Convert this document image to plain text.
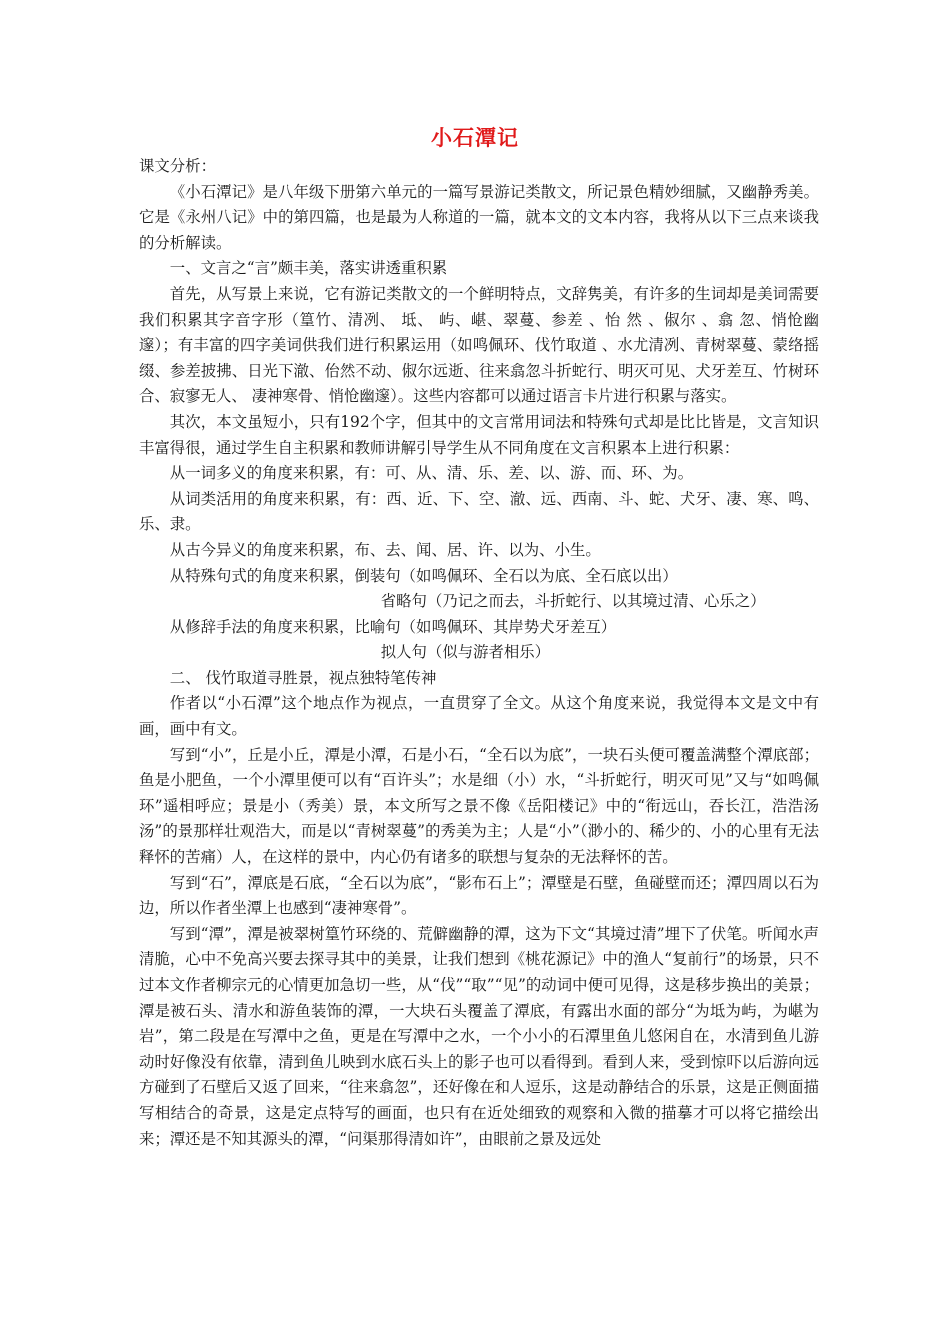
小石潭记

课文分析：

《小石潭记》是八年级下册第六单元的一篇写景游记类散文，所记景色精妙细腻，又幽静秀美。它是《永州八记》中的第四篇，也是最为人称道的一篇，就本文的文本内容，我将从以下三点来谈我的分析解读。

一、文言之“言”颇丰美，落实讲透重积累

首先，从写景上来说，它有游记类散文的一个鲜明特点，文辞隽美，有许多的生词却是美词需要我们积累其字音字形（篁竹、清冽、 坻、 屿、嵁、翠蔓、参差 、怡 然 、俶尔 、翕 忽、悄怆幽邃）；有丰富的四字美词供我们进行积累运用（如鸣佩环、伐竹取道 、水尤清冽、青树翠蔓、蒙络摇缀、参差披拂、日光下澈、佁然不动、俶尔远逝、往来翕忽斗折蛇行、明灭可见、犬牙差互、竹树环合、寂寥无人、 凄神寒骨、悄怆幽邃）。这些内容都可以通过语言卡片进行积累与落实。

其次，本文虽短小，只有192个字，但其中的文言常用词法和特殊句式却是比比皆是，文言知识丰富得很，通过学生自主积累和教师讲解引导学生从不同角度在文言积累本上进行积累：

从一词多义的角度来积累，有：可、从、清、乐、差、以、游、而、环、为。

从词类活用的角度来积累，有：西、近、下、空、澈、远、西南、斗、蛇、犬牙、凄、寒、鸣、乐、隶。

从古今异义的角度来积累，布、去、闻、居、许、以为、小生。

从特殊句式的角度来积累，倒装句（如鸣佩环、全石以为底、全石底以出）

省略句（乃记之而去，斗折蛇行、以其境过清、心乐之）

从修辞手法的角度来积累，比喻句（如鸣佩环、其岸势犬牙差互）

拟人句（似与游者相乐）

二、 伐竹取道寻胜景，视点独特笔传神

作者以“小石潭”这个地点作为视点，一直贯穿了全文。从这个角度来说，我觉得本文是文中有画，画中有文。

写到“小”，丘是小丘，潭是小潭，石是小石，“全石以为底”，一块石头便可覆盖满整个潭底部；鱼是小肥鱼，一个小潭里便可以有“百许头”；水是细（小）水，“斗折蛇行，明灭可见”又与“如鸣佩环”遥相呼应；景是小（秀美）景，本文所写之景不像《岳阳楼记》中的“衔远山，吞长江，浩浩汤汤”的景那样壮观浩大，而是以“青树翠蔓”的秀美为主；人是“小”（渺小的、稀少的、小的心里有无法释怀的苦痛）人，在这样的景中，内心仍有诸多的联想与复杂的无法释怀的苦。

写到“石”，潭底是石底，“全石以为底”，“影布石上”；潭壁是石壁，鱼碰壁而还；潭四周以石为边，所以作者坐潭上也感到“凄神寒骨”。

写到“潭”，潭是被翠树篁竹环绕的、荒僻幽静的潭，这为下文“其境过清”埋下了伏笔。听闻水声清脆，心中不免高兴要去探寻其中的美景，让我们想到《桃花源记》中的渔人“复前行”的场景，只不过本文作者柳宗元的心情更加急切一些，从“伐”“取”“见”的动词中便可见得，这是移步换出的美景；潭是被石头、清水和游鱼装饰的潭，一大块石头覆盖了潭底，有露出水面的部分“为坻为屿，为嵁为岩”，第二段是在写潭中之鱼，更是在写潭中之水，一个小小的石潭里鱼儿悠闲自在，水清到鱼儿游动时好像没有依靠，清到鱼儿映到水底石头上的影子也可以看得到。看到人来，受到惊吓以后游向远方碰到了石壁后又返了回来，“往来翕忽”，还好像在和人逗乐，这是动静结合的乐景，这是正侧面描写相结合的奇景，这是定点特写的画面，也只有在近处细致的观察和入微的描摹才可以将它描绘出来；潭还是不知其源头的潭，“问渠那得清如许”，由眼前之景及远处
